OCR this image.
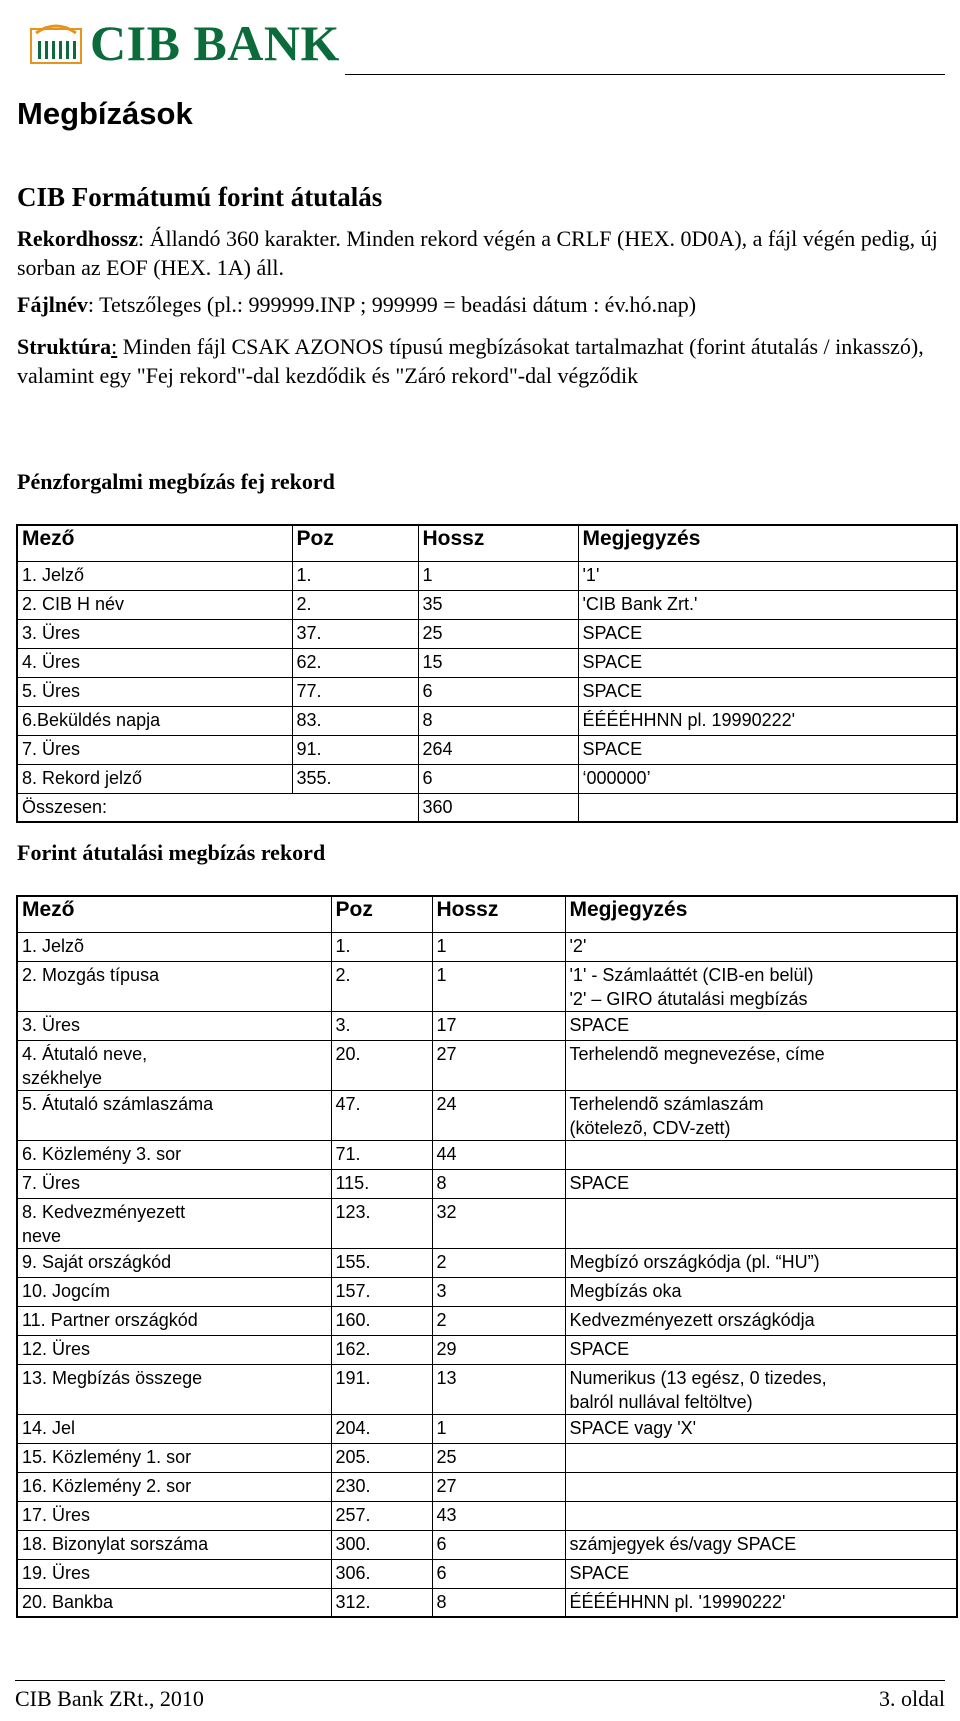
CIB BANK
Megbízások
CIB Formátumú forint átutalás

Rekordhossz: Állandó 360 karakter. Minden rekord végén a CRLF (HEX. 0D0A), a fájl végén pedig, új sorban az EOF (HEX. 1A) áll.

Fájlnév: Tetszőleges (pl.: 999999.INP ; 999999 = beadási dátum : év.hó.nap)

Struktúra: Minden fájl CSAK AZONOS típusú megbízásokat tartalmazhat (forint átutalás / inkasszó), valamint egy "Fej rekord"-dal kezdődik és "Záró rekord"-dal végződik

Pénzforgalmi megbízás fej rekord
Mező	Poz	Hossz	Megjegyzés
1. Jelző	1.	1	'1'
2. CIB H név	2.	35	'CIB Bank Zrt.'
3. Üres	37.	25	SPACE
4. Üres	62.	15	SPACE
5. Üres	77.	6	SPACE
6.Beküldés napja	83.	8	ÉÉÉÉHHNN pl. 19990222'
7. Üres	91.	264	SPACE
8. Rekord jelző	355.	6	‘000000’
Összesen:		360	
Forint átutalási megbízás rekord
Mező	Poz	Hossz	Megjegyzés
1. Jelzõ	1.	1	'2'
2. Mozgás típusa	2.	1	'1' - Számlaáttét (CIB-en belül)
'2' – GIRO átutalási megbízás
3. Üres	3.	17	SPACE
4. Átutaló neve,
székhelye	20.	27	Terhelendõ megnevezése, címe
5. Átutaló számlaszáma	47.	24	Terhelendõ számlaszám
(kötelezõ, CDV-zett)
6. Közlemény 3. sor	71.	44	
7. Üres	115.	8	SPACE
8. Kedvezményezett
neve	123.	32	
9. Saját országkód	155.	2	Megbízó országkódja (pl. “HU”)
10. Jogcím	157.	3	Megbízás oka
11. Partner országkód	160.	2	Kedvezményezett országkódja
12. Üres	162.	29	SPACE
13. Megbízás összege	191.	13	Numerikus (13 egész, 0 tizedes,
balról nullával feltöltve)
14. Jel	204.	1	SPACE vagy 'X'
15. Közlemény 1. sor	205.	25	
16. Közlemény 2. sor	230.	27	
17. Üres	257.	43	
18. Bizonylat sorszáma	300.	6	számjegyek és/vagy SPACE
19. Üres	306.	6	SPACE
20. Bankba	312.	8	ÉÉÉÉHHNN pl. '19990222'
CIB Bank ZRt., 2010	3. oldal
